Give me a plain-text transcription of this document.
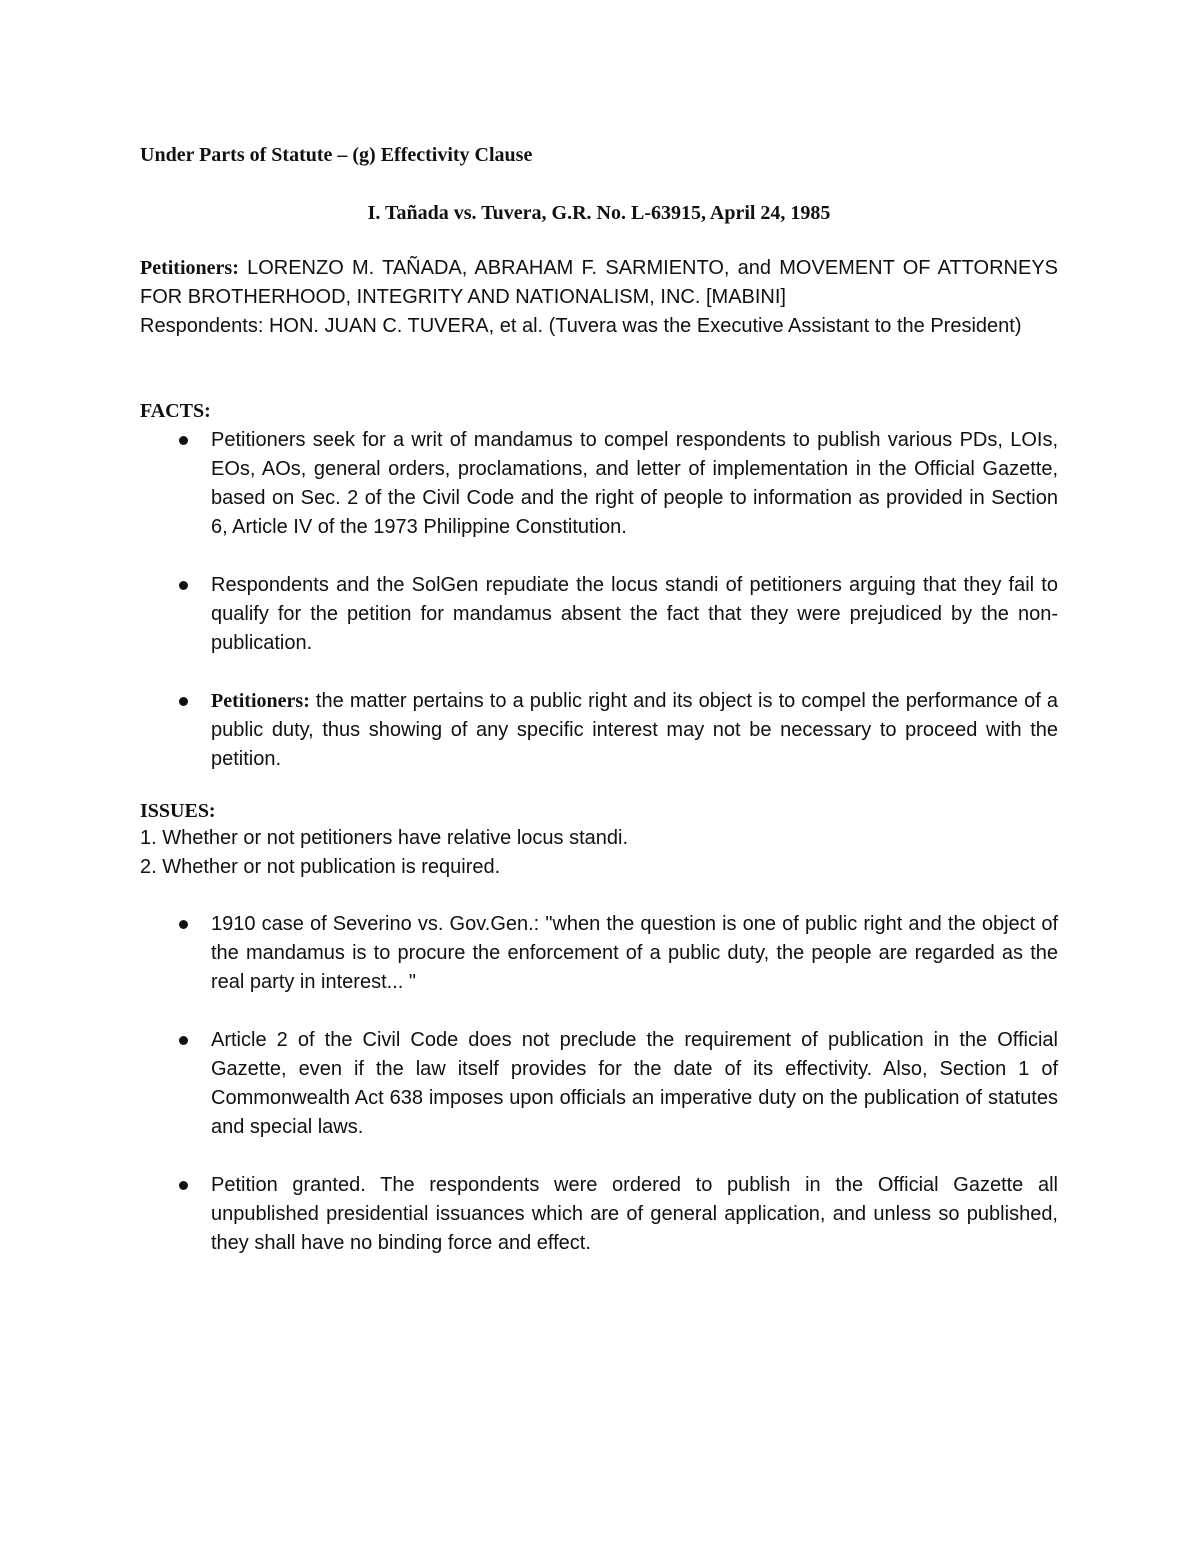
Under Parts of Statute – (g) Effectivity Clause
I. Tañada vs. Tuvera, G.R. No. L-63915, April 24, 1985
Petitioners: LORENZO M. TAÑADA, ABRAHAM F. SARMIENTO, and MOVEMENT OF ATTORNEYS FOR BROTHERHOOD, INTEGRITY AND NATIONALISM, INC. [MABINI]
Respondents: HON. JUAN C. TUVERA, et al. (Tuvera was the Executive Assistant to the President)
FACTS:
Petitioners seek for a writ of mandamus to compel respondents to publish various PDs, LOIs, EOs, AOs, general orders, proclamations, and letter of implementation in the Official Gazette, based on Sec. 2 of the Civil Code and the right of people to information as provided in Section 6, Article IV of the 1973 Philippine Constitution.
Respondents and the SolGen repudiate the locus standi of petitioners arguing that they fail to qualify for the petition for mandamus absent the fact that they were prejudiced by the non-publication.
Petitioners: the matter pertains to a public right and its object is to compel the performance of a public duty, thus showing of any specific interest may not be necessary to proceed with the petition.
ISSUES:
1. Whether or not petitioners have relative locus standi.
2. Whether or not publication is required.
1910 case of Severino vs. Gov.Gen.: "when the question is one of public right and the object of the mandamus is to procure the enforcement of a public duty, the people are regarded as the real party in interest... "
Article 2 of the Civil Code does not preclude the requirement of publication in the Official Gazette, even if the law itself provides for the date of its effectivity. Also, Section 1 of Commonwealth Act 638 imposes upon officials an imperative duty on the publication of statutes and special laws.
Petition granted. The respondents were ordered to publish in the Official Gazette all unpublished presidential issuances which are of general application, and unless so published, they shall have no binding force and effect.
